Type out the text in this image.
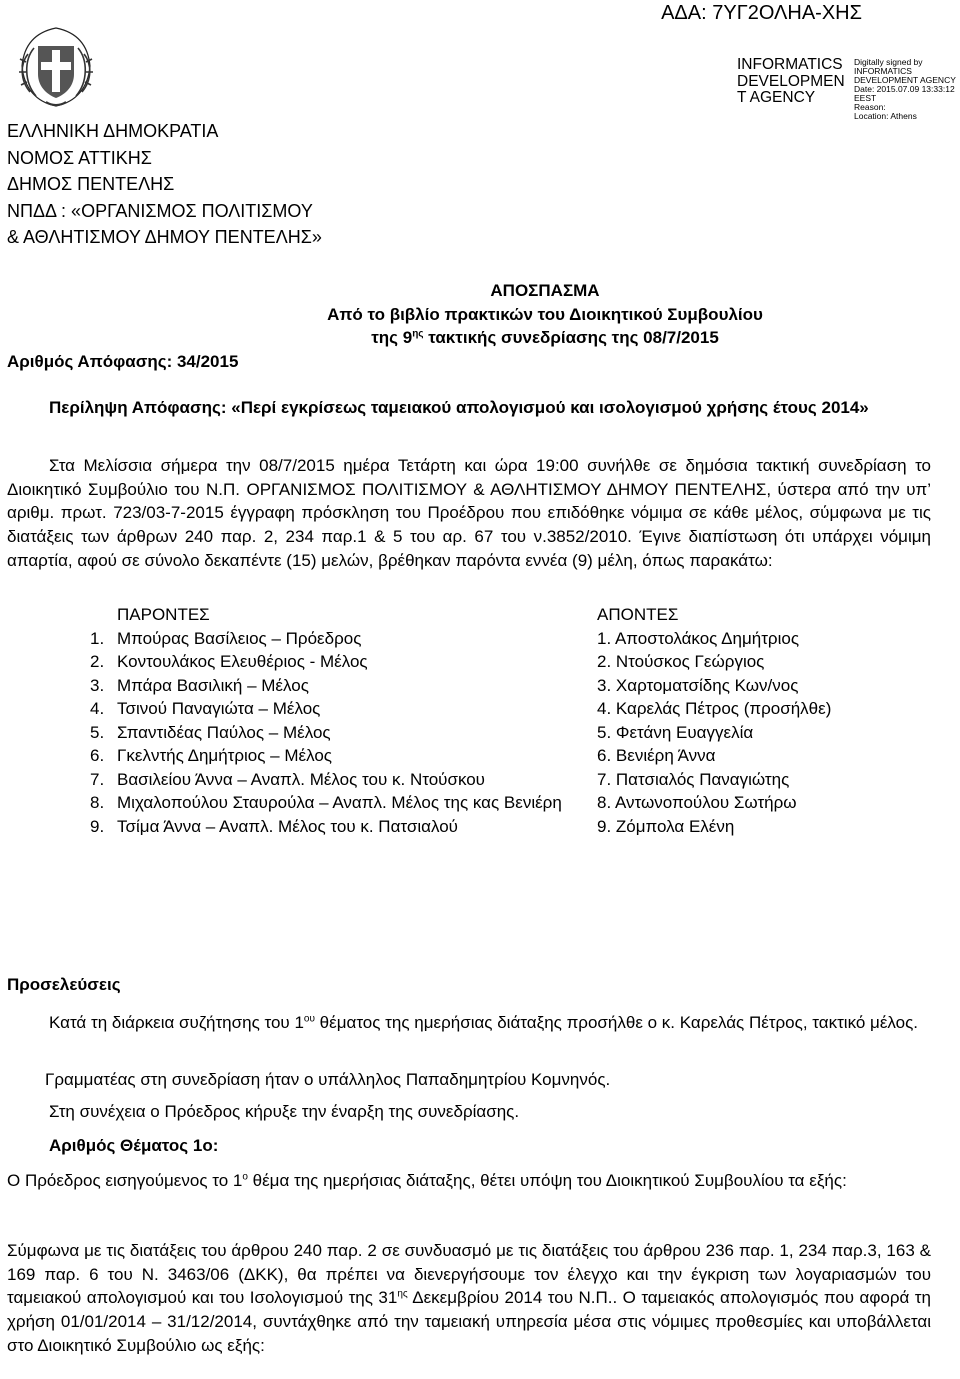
ΑΔΑ: 7ΥΓ2ΟΛΗΑ-ΧΗΣ
INFORMATICS
DEVELOPMEN
T AGENCY
Digitally signed by
INFORMATICS
DEVELOPMENT AGENCY
Date: 2015.07.09 13:33:12
EEST
Reason:
Location: Athens
ΕΛΛΗΝΙΚΗ ΔΗΜΟΚΡΑΤΙΑ
ΝΟΜΟΣ ΑΤΤΙΚΗΣ
ΔΗΜΟΣ ΠΕΝΤΕΛΗΣ
ΝΠΔΔ : «ΟΡΓΑΝΙΣΜΟΣ ΠΟΛΙΤΙΣΜΟΥ
& ΑΘΛΗΤΙΣΜΟΥ ΔΗΜΟΥ ΠΕΝΤΕΛΗΣ»
ΑΠΟΣΠΑΣΜΑ
Από το βιβλίο πρακτικών του Διοικητικού Συμβουλίου
της $9^{\eta\varsigma}$ τακτικής συνεδρίασης της 08/7/2015
Αριθμός Απόφασης: 34/2015
Περίληψη Απόφασης: «Περί εγκρίσεως ταμειακού απολογισμού και ισολογισμού χρήσης έτους 2014»
Στα Μελίσσια σήμερα την 08/7/2015 ημέρα Τετάρτη και ώρα 19:00 συνήλθε σε δημόσια τακτική συνεδρίαση το Διοικητικό Συμβούλιο του Ν.Π. ΟΡΓΑΝΙΣΜΟΣ ΠΟΛΙΤΙΣΜΟΥ & ΑΘΛΗΤΙΣΜΟΥ ΔΗΜΟΥ ΠΕΝΤΕΛΗΣ, ύστερα από την υπ’ αριθμ. πρωτ. 723/03-7-2015 έγγραφη πρόσκληση του Προέδρου που επιδόθηκε νόμιμα σε κάθε μέλος, σύμφωνα με τις διατάξεις των άρθρων 240 παρ. 2, 234 παρ.1 & 5 του αρ. 67 του ν.3852/2010. Έγινε διαπίστωση ότι υπάρχει νόμιμη απαρτία, αφού σε σύνολο δεκαπέντε (15) μελών, βρέθηκαν παρόντα εννέα (9) μέλη, όπως παρακάτω:
ΠΑΡΟΝΤΕΣ
1. Μπούρας Βασίλειος – Πρόεδρος
2. Κοντουλάκος Ελευθέριος - Μέλος
3. Μπάρα Βασιλική – Μέλος
4. Τσινού Παναγιώτα – Μέλος
5. Σπαντιδέας Παύλος – Μέλος
6. Γκελντής Δημήτριος – Μέλος
7. Βασιλείου Άννα – Αναπλ. Μέλος του κ. Ντούσκου
8. Μιχαλοπούλου Σταυρούλα – Αναπλ. Μέλος της κας Βενιέρη
9. Τσίμα Άννα – Αναπλ. Μέλος του κ. Πατσιαλού
ΑΠΟΝΤΕΣ
1. Αποστολάκος Δημήτριος
2. Ντούσκος Γεώργιος
3. Χαρτοματσίδης Κων/νος
4. Καρελάς Πέτρος (προσήλθε)
5. Φετάνη Ευαγγελία
6. Βενιέρη Άννα
7. Πατσιαλός Παναγιώτης
8. Αντωνοπούλου Σωτήρω
9. Ζόμπολα Ελένη
Προσελεύσεις
Κατά τη διάρκεια συζήτησης του $1^{o\upsilon}$ θέματος της ημερήσιας διάταξης προσήλθε ο κ. Καρελάς Πέτρος, τακτικό μέλος.
Γραμματέας στη συνεδρίαση ήταν ο υπάλληλος Παπαδημητρίου Κομνηνός.
Στη συνέχεια ο Πρόεδρος κήρυξε την έναρξη της συνεδρίασης.
Αριθμός Θέματος 1ο:
Ο Πρόεδρος εισηγούμενος το $1^o$ θέμα της ημερήσιας διάταξης, θέτει υπόψη του Διοικητικού Συμβουλίου τα εξής:
Σύμφωνα με τις διατάξεις του άρθρου 240 παρ. 2 σε συνδυασμό με τις διατάξεις του άρθρου 236 παρ. 1, 234 παρ.3, 163 & 169 παρ. 6 του Ν. 3463/06 (ΔΚΚ), θα πρέπει να διενεργήσουμε τον έλεγχο και την έγκριση των λογαριασμών του ταμειακού απολογισμού και του Ισολογισμού της $31^{\eta\varsigma}$ Δεκεμβρίου 2014 του Ν.Π.. Ο ταμειακός απολογισμός που αφορά τη χρήση 01/01/2014 – 31/12/2014, συντάχθηκε από την ταμειακή υπηρεσία μέσα στις νόμιμες προθεσμίες και υποβάλλεται στο Διοικητικό Συμβούλιο ως εξής:
